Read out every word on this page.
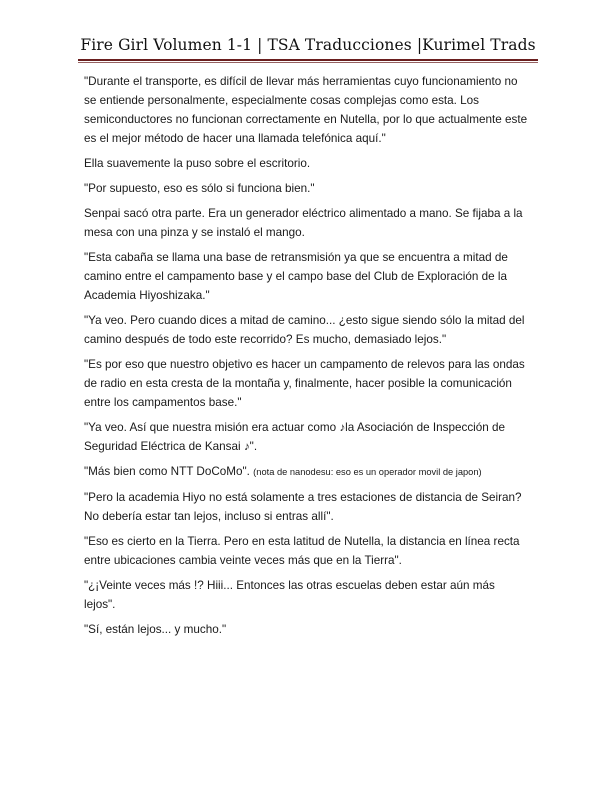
Fire Girl Volumen 1-1 | TSA Traducciones |Kurimel Trads

"Durante el transporte, es difícil de llevar más herramientas cuyo funcionamiento no se entiende personalmente, especialmente cosas complejas como esta. Los semiconductores no funcionan correctamente en Nutella, por lo que actualmente este es el mejor método de hacer una llamada telefónica aquí."

Ella suavemente la puso sobre el escritorio.

"Por supuesto, eso es sólo si funciona bien."

Senpai sacó otra parte. Era un generador eléctrico alimentado a mano. Se fijaba a la mesa con una pinza y se instaló el mango.

"Esta cabaña se llama una base de retransmisión ya que se encuentra a mitad de camino entre el campamento base y el campo base del Club de Exploración de la Academia Hiyoshizaka."

"Ya veo. Pero cuando dices a mitad de camino... ¿esto sigue siendo sólo la mitad del camino después de todo este recorrido? Es mucho, demasiado lejos."

"Es por eso que nuestro objetivo es hacer un campamento de relevos para las ondas de radio en esta cresta de la montaña y, finalmente, hacer posible la comunicación entre los campamentos base."

"Ya veo. Así que nuestra misión era actuar como ♪la Asociación de Inspección de Seguridad Eléctrica de Kansai ♪".

"Más bien como NTT DoCoMo". (nota de nanodesu: eso es un operador movil de japon)

"Pero la academia Hiyo no está solamente a tres estaciones de distancia de Seiran? No debería estar tan lejos, incluso si entras allí".

"Eso es cierto en la Tierra. Pero en esta latitud de Nutella, la distancia en línea recta entre ubicaciones cambia veinte veces más que en la Tierra".

"¿¡Veinte veces más !? Hiii... Entonces las otras escuelas deben estar aún más lejos".

"Sí, están lejos... y mucho."
